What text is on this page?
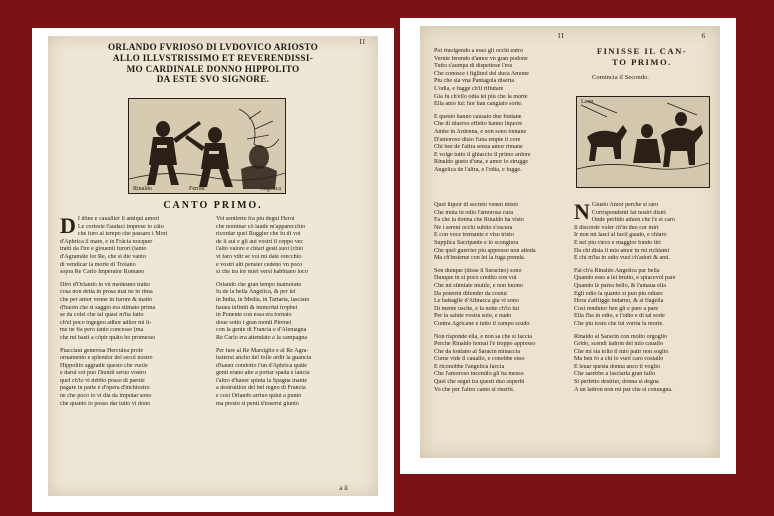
II
ORLANDO FVRIOSO DI LVDOVICO ARIOSTO
ALLO ILLVSTRISSIMO ET REVERENDISSI-
MO CARDINALE DONNO HIPPOLITO
DA ESTE SVO SIGNORE.
Rinaldo	Ferrau	Angelica
CANTO PRIMO.
D I dōne e cauallier li antiqui amori
Le cortesie l'audaci imprese io cāto
che furo al tempo che passaro i Mori
d'Aphrica il mare, e in Frācia nocquer
tratti da l'ire e giouenil furori (tanto
d'Agramāte lor Re, che si die vanto
di vendicar la morte di Troiano
sopra Re Carlo Imperator Romano
Dirò d'Orlando in vn medesmo tratto
cosa non detta in prosa mai ne in rima
che per amor venne in furore & matto
d'huom che si saggio era stimato prima
se da colei che tal quasi m'ha fatto
ch'el poco ingegno adhor adhor mi li-
me ne fia pero tanto concesso (ma
che mi basti a cōpir quāto ho promesso
Piacciaui generosa Herculea prole
ornamento e splendor del secol nostro
Hippolito aggradir questo che vuole
e darui sol puo l'humil seruo vostro
quel ch'io vi debbo posso di parole
pagare in parte e d'opera d'inchiostro
ne che poco io vi dia da imputar sono
che quanto io posso dar tutto vi dono
Voi sentirete fra piu degni Heroi
che nominar cō laude m'apparecchio
ricordar quel Ruggier che fu di voi
de li aui e gli aui vostri il ceppo vec
l'alto valore e chiari gesti suoi (chio
vi faro vdir se voi mi date orecchio
e vostri alti pensier cedeno vn poco
si che tra lor miei versi habbiano loco
Orlando che gran tempo inamorato
fu de la bella Angelica, & per lei
in India, in Media, in Tartaria, lasciato
hauea infiniti & immortal trophei
in Ponente con essa era tornato
doue sotto i gran monti Pirenei
con la gente di Francia e d'Alemagna
Re Carlo era attendato a la campagna
Per fare al Re Marsiglio e al Re Agra-
battersi ancho del folle ardir la guancia
d'hauer condotto l'un d'Aphrica quāte
genti erano atte a portar spada e lancia
l'altro d'hauer spinta la Spagna inante
a destruttion del bel regno di Francia
e cosi Orlando arriuo quiui a punto
ma presto si penti d'esserui giunto
a ii
II	6
Poi riuolgendo a esso gli occhi entro
Vernie ferendo d'amor vn gran podone
Tutto s'aumpa di dispettose l'era
Che conosce i figliuol del duca Amone
Piu che sia vna Pantagola diserta
L'odia, e fugge ch'il rifiutare
Gia fu ch'ello odia lei piu che la morte
Ella amo lui: hor han cangiato sorte.
E questo hanno causato due fontane
Che di diuerso effetto hanno liquore
Ambe in Ardenna, e non sono lontane
D'amoroso disio l'una empie il core
Chi bee de l'altra senza amor rimane
E volge tutto il ghiaccio il primo ardore
Rinaldo gusto d'una, e amor lo strugge
Angelica de l'altra, e l'odia, e fugge.
FINISSE IL CAN-
TO PRIMO.
Comincia il Secondo.
Leon
Quel liquor di secreto venen misto
Che muta in odio l'amorosa cura
Fa che la donna che Rinaldo ha visto
Ne i sereni occhi subito s'oscura
E con voce tremante e viso tristo
Supplica Sacripante e lo scongiura
Che quel guerrier piu appresso non atteda
Ma ch'insieme con lei la fuga prenda.
Son dunque (disse il Saracino) sono
Dunque in si poco credito con vui
Che mi stimiate inutile, e non buono
Da potermi difender da costui
Le battaglie d'Albracca gia vi sono
Di mente uscite, e la notte ch'io fui
Per la salute vostra solo, e nudo
Contra Agricane e tutto il campo scudo
Non risponde ella, e non sa che si faccia
Perche Rinaldo homai l'e troppo appresso
Che da lontano al Saracin minaccia
Come vide il cauallo, e conobbe esso
E riconobbe l'angelica faccia
Che l'amoroso incendio gli ha messo
Quel che segui tra questi duo superbi
Vo che per l'altro canto si riserbi.
N Giusto Amor perche si raro
Corrispondenti fai nostri disiri
Onde perfido aduen che t'e si caro
Il discorde voler ch'in duo cor miri
Ir non mi lasci al facil guado, e chiaro
E nel piu cieco e maggior fondo tiri
Da chi disia il mio amor tu mi richiami
E chi m'ha in odio vuoi ch'adori & ami.
Fai ch'a Rinaldo Angelica par bella
Quando esso a lei brutto, e spiacevol pare
Quando le parea bello, & l'amaua ella
Egli odio la quanto si puo piu odiare
Hora s'affligge indarno, & si flagella
Cosi rendutor ben gli e pare a pare
Ella l'ha in odio, e l'odio e di tal sorte
Che piu tosto che lui vorria la morte.
Rinaldo al Saracin con molto orgoglio
Grido, scendi ladron del mio cauallo
Che mi sia tolto il mio patir non soglio
Ma ben fo a chi lo vuol caro costallo
E leuar questa donna anco ti voglio
Che sarebbe a lasciarla gran fallo
Si perfetto destrier, donna si degna
A un ladron non mi par che si conuegna.
